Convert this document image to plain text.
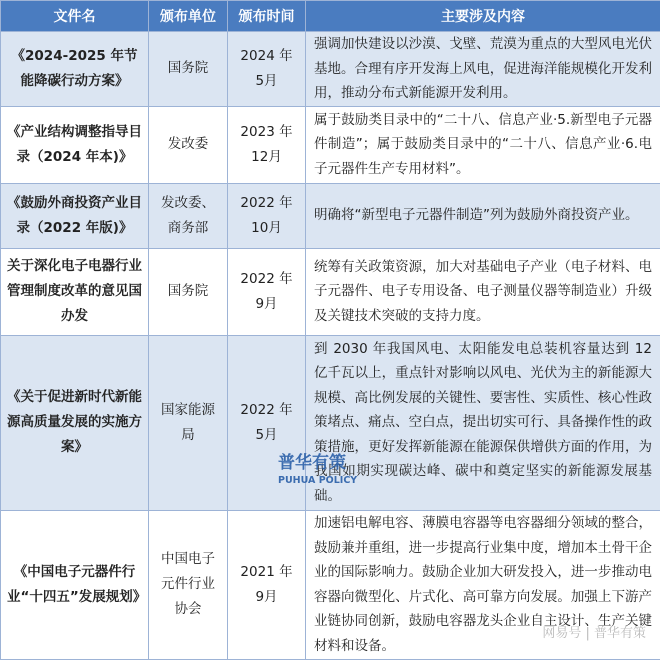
文件名	颁布单位	颁布时间	主要涉及内容
《2024-2025 年节能降碳行动方案》	国务院	2024 年 5月	强调加快建设以沙漠、戈壁、荒漠为重点的大型风电光伏基地。合理有序开发海上风电，促进海洋能规模化开发利用，推动分布式新能源开发利用。
《产业结构调整指导目录（2024 年本)》	发改委	2023 年 12月	属于鼓励类目录中的“二十八、信息产业·5.新型电子元器件制造”；属于鼓励类目录中的“二十八、信息产业·6.电子元器件生产专用材料”。
《鼓励外商投资产业目录（2022 年版)》	发改委、商务部	2022 年 10月	明确将“新型电子元器件制造”列为鼓励外商投资产业。
关于深化电子电器行业管理制度改革的意见国办发	国务院	2022 年 9月	统筹有关政策资源，加大对基础电子产业（电子材料、电子元器件、电子专用设备、电子测量仪器等制造业）升级及关键技术突破的支持力度。
《关于促进新时代新能源高质量发展的实施方案》	国家能源局	2022 年 5月	到 2030 年我国风电、太阳能发电总装机容量达到 12 亿千瓦以上，重点针对影响以风电、光伏为主的新能源大规模、高比例发展的关键性、要害性、实质性、核心性政策堵点、痛点、空白点，提出切实可行、具备操作性的政策措施，更好发挥新能源在能源保供增供方面的作用，为我国如期实现碳达峰、碳中和奠定坚实的新能源发展基础。
《中国电子元器件行业“十四五”发展规划》	中国电子元件行业协会	2021 年 9月	加速铝电解电容、薄膜电容器等电容器细分领域的整合，鼓励兼并重组，进一步提高行业集中度，增加本土骨干企业的国际影响力。鼓励企业加大研发投入，进一步推动电容器向微型化、片式化、高可靠方向发展。加强上下游产业链协同创新，鼓励电容器龙头企业自主设计、生产关键材料和设备。
普华有策
PUHUA POLICY
网易号 | 普华有策
